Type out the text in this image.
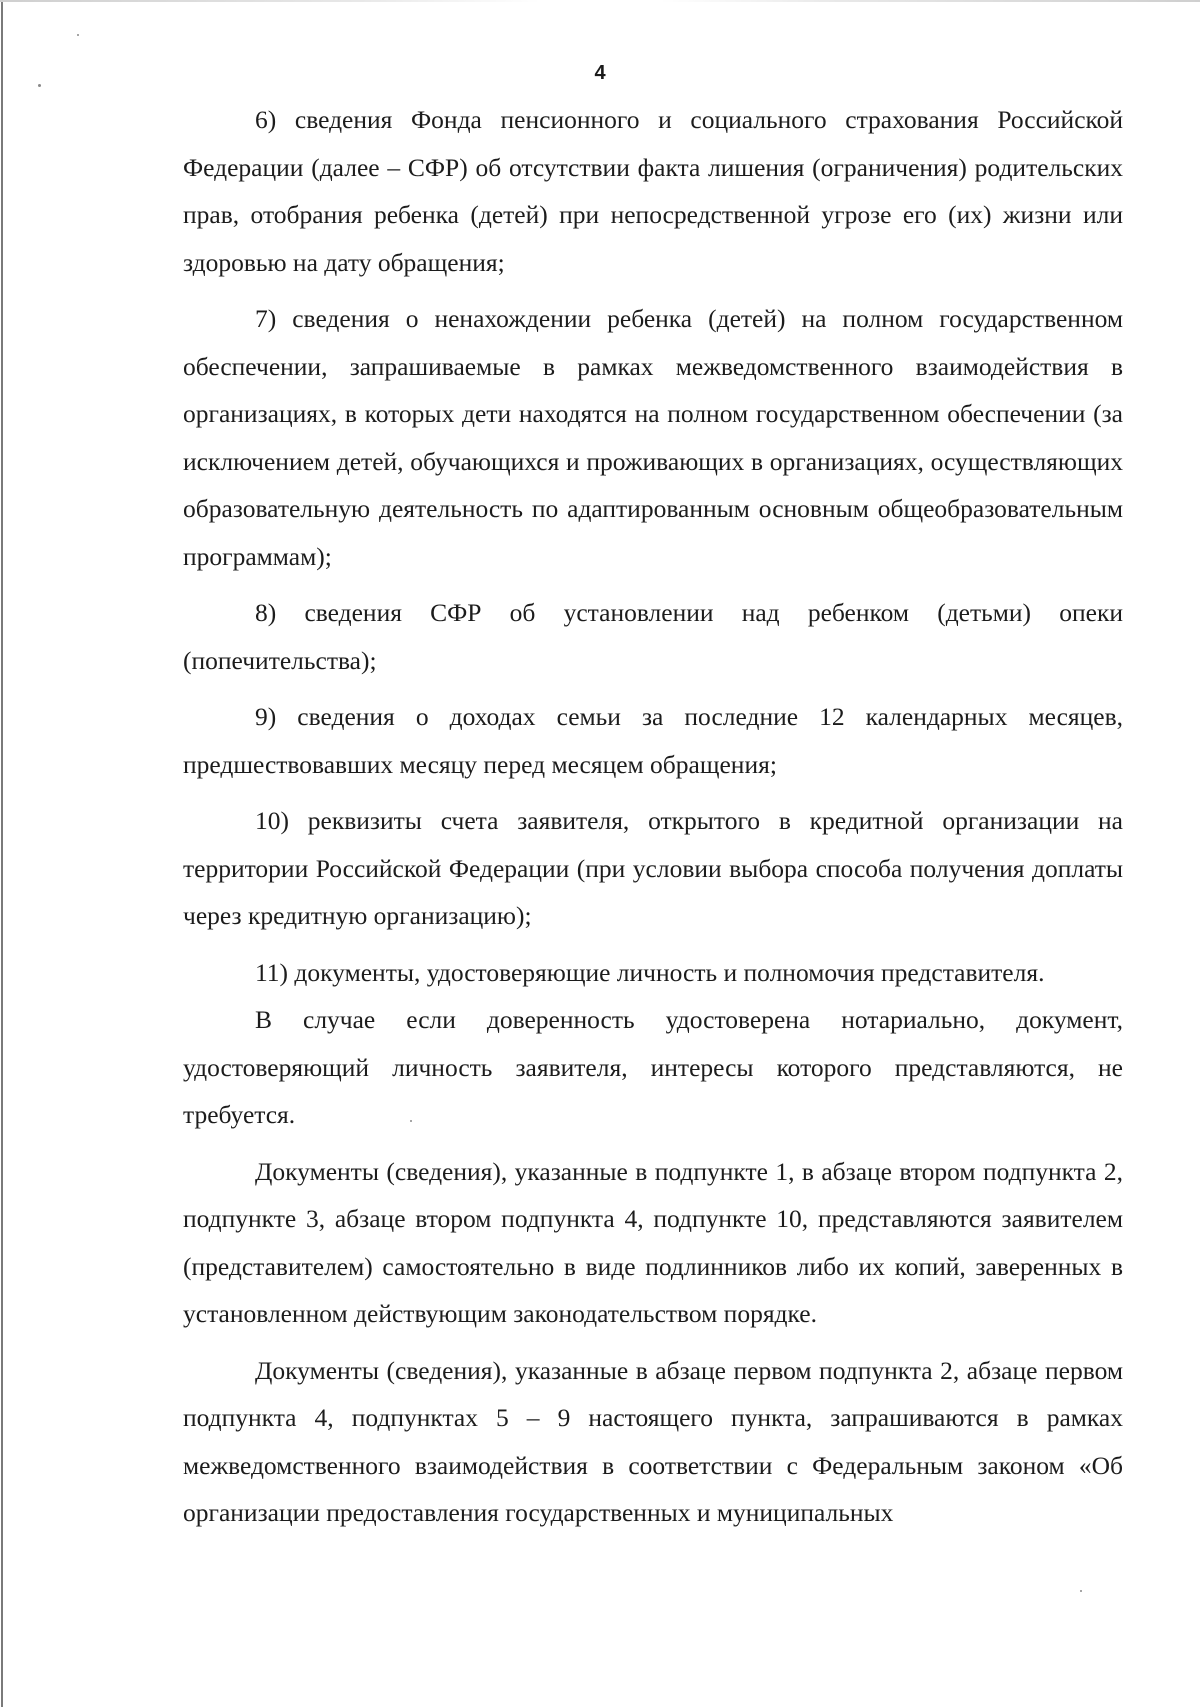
4

6) сведения Фонда пенсионного и социального страхования Российской Федерации (далее – СФР) об отсутствии факта лишения (ограничения) родительских прав, отобрания ребенка (детей) при непосредственной угрозе его (их) жизни или здоровью на дату обращения;

7) сведения о ненахождении ребенка (детей) на полном государственном обеспечении, запрашиваемые в рамках межведомственного взаимодействия в организациях, в которых дети находятся на полном государственном обеспечении (за исключением детей, обучающихся и проживающих в организациях, осуществляющих образовательную деятельность по адаптированным основным общеобразовательным программам);

8) сведения СФР об установлении над ребенком (детьми) опеки (попечительства);

9) сведения о доходах семьи за последние 12 календарных месяцев, предшествовавших месяцу перед месяцем обращения;

10) реквизиты счета заявителя, открытого в кредитной организации на территории Российской Федерации (при условии выбора способа получения доплаты через кредитную организацию);

11) документы, удостоверяющие личность и полномочия представителя.

В случае если доверенность удостоверена нотариально, документ, удостоверяющий личность заявителя, интересы которого представляются, не требуется.

Документы (сведения), указанные в подпункте 1, в абзаце втором подпункта 2, подпункте 3, абзаце втором подпункта 4, подпункте 10, представляются заявителем (представителем) самостоятельно в виде подлинников либо их копий, заверенных в установленном действующим законодательством порядке.

Документы (сведения), указанные в абзаце первом подпункта 2, абзаце первом подпункта 4, подпунктах 5 – 9 настоящего пункта, запрашиваются в рамках межведомственного взаимодействия в соответствии с Федеральным законом «Об организации предоставления государственных и муниципальных
